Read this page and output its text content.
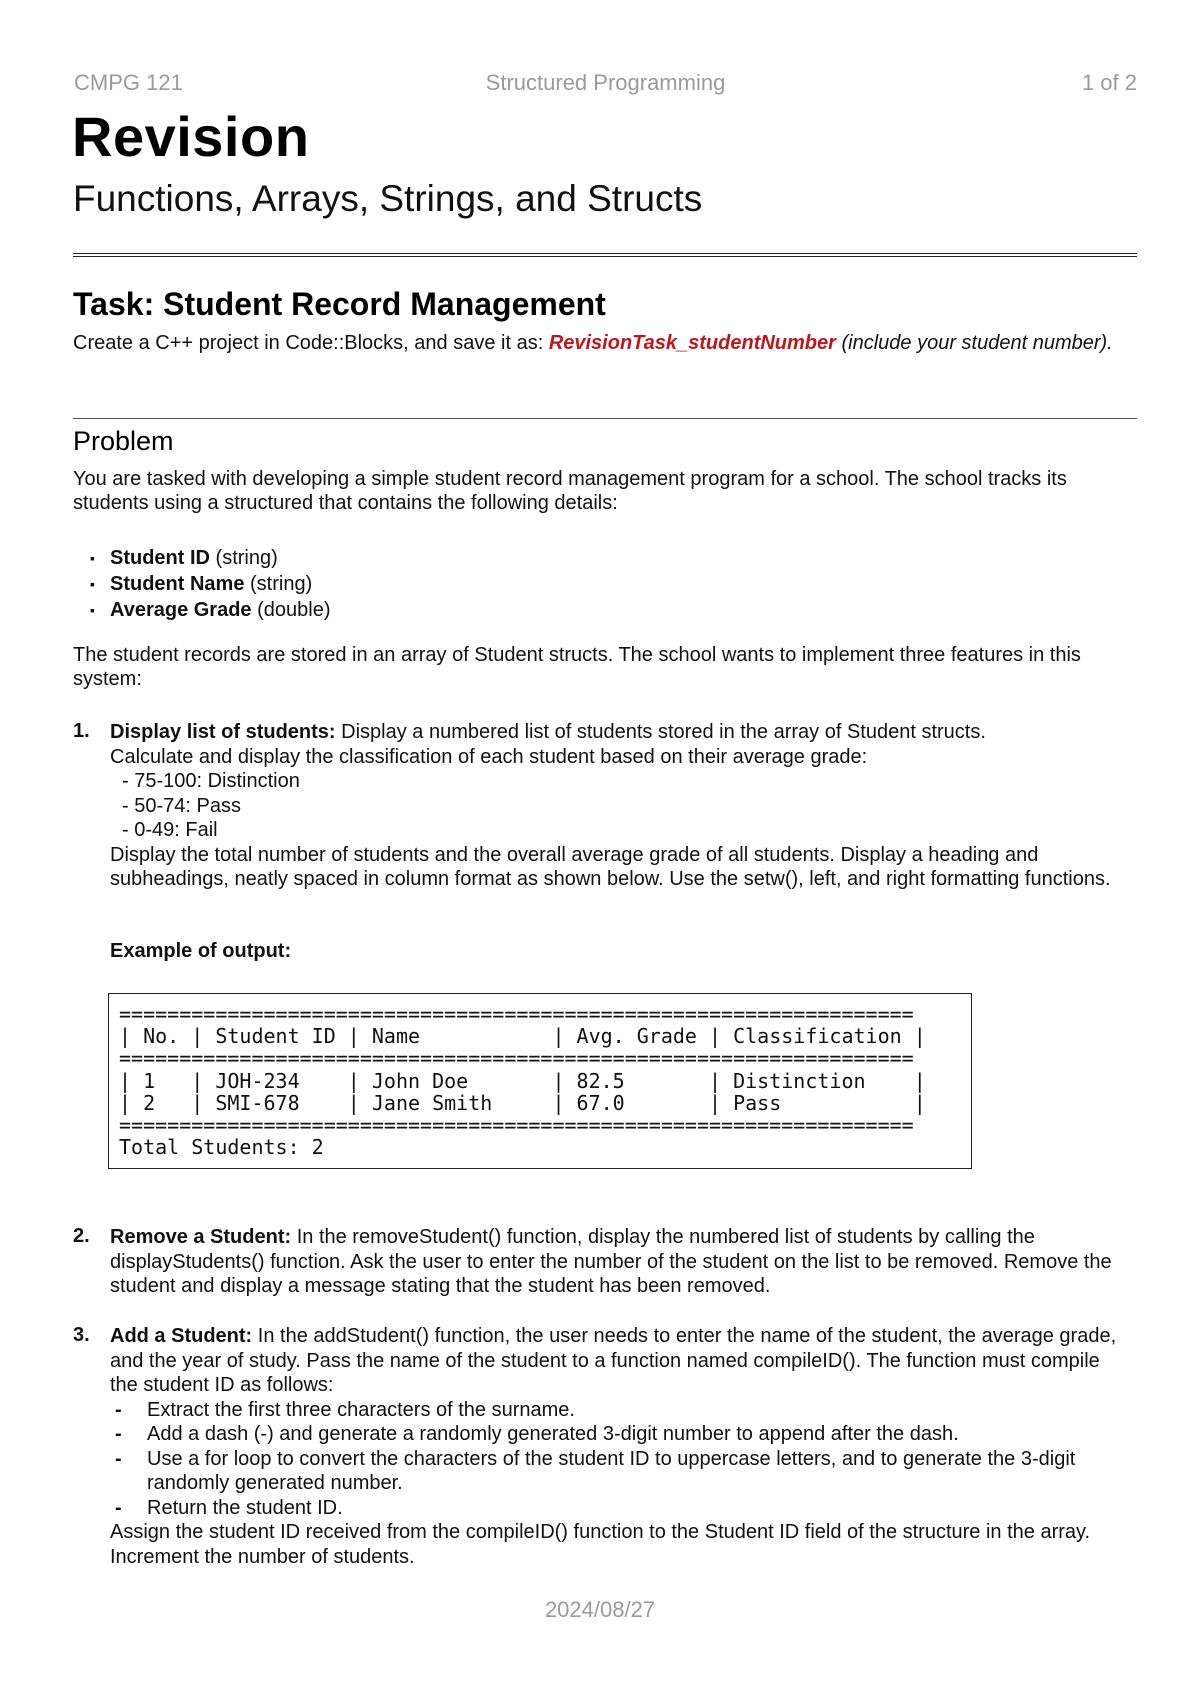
CMPG 121	Structured Programming	1 of 2
Revision
Functions, Arrays, Strings, and Structs
Task: Student Record Management
Create a C++ project in Code::Blocks, and save it as: RevisionTask_studentNumber (include your student number).
Problem
You are tasked with developing a simple student record management program for a school. The school tracks its students using a structured that contains the following details:
▪ Student ID (string)
▪ Student Name (string)
▪ Average Grade (double)
The student records are stored in an array of Student structs. The school wants to implement three features in this system:
1. Display list of students: Display a numbered list of students stored in the array of Student structs.
Calculate and display the classification of each student based on their average grade:
- 75-100: Distinction
- 50-74: Pass
- 0-49: Fail
Display the total number of students and the overall average grade of all students. Display a heading and subheadings, neatly spaced in column format as shown below. Use the setw(), left, and right formatting functions.
Example of output:
==================================================================
| No. | Student ID | Name           | Avg. Grade | Classification |
==================================================================
| 1   | JOH-234    | John Doe       | 82.5       | Distinction    |
| 2   | SMI-678    | Jane Smith     | 67.0       | Pass           |
==================================================================
Total Students: 2
2. Remove a Student: In the removeStudent() function, display the numbered list of students by calling the displayStudents() function. Ask the user to enter the number of the student on the list to be removed. Remove the student and display a message stating that the student has been removed.
3. Add a Student: In the addStudent() function, the user needs to enter the name of the student, the average grade, and the year of study. Pass the name of the student to a function named compileID(). The function must compile the student ID as follows:
- Extract the first three characters of the surname.
- Add a dash (-) and generate a randomly generated 3-digit number to append after the dash.
- Use a for loop to convert the characters of the student ID to uppercase letters, and to generate the 3-digit randomly generated number.
- Return the student ID.
Assign the student ID received from the compileID() function to the Student ID field of the structure in the array. Increment the number of students.
2024/08/27
